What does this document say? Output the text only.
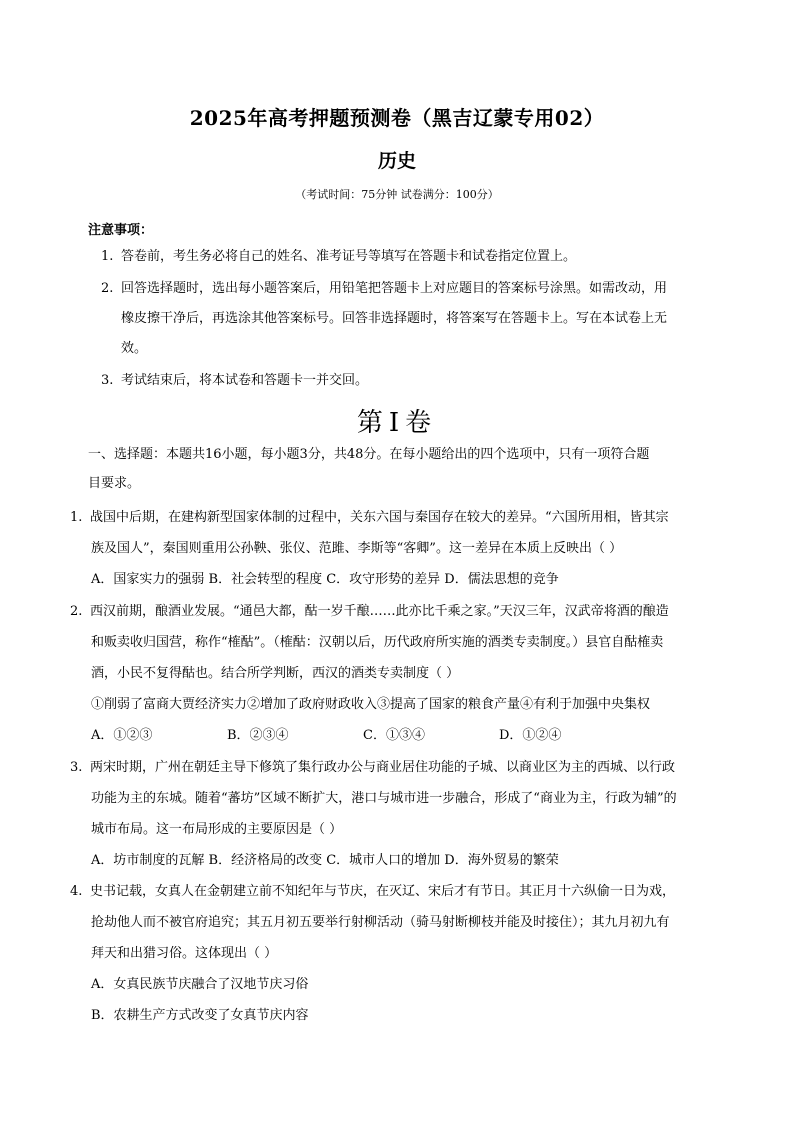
2025年高考押题预测卷（黑吉辽蒙专用02）
历史
（考试时间：75分钟 试卷满分：100分）
注意事项：
1. 答卷前，考生务必将自己的姓名、准考证号等填写在答题卡和试卷指定位置上。
2. 回答选择题时，选出每小题答案后，用铅笔把答题卡上对应题目的答案标号涂黑。如需改动，用
橡皮擦干净后，再选涂其他答案标号。回答非选择题时，将答案写在答题卡上。写在本试卷上无
效。
3. 考试结束后，将本试卷和答题卡一并交回。
第Ⅰ卷
一、选择题：本题共16小题，每小题3分，共48分。在每小题给出的四个选项中，只有一项符合题
目要求。
1. 战国中后期，在建构新型国家体制的过程中，关东六国与秦国存在较大的差异。“六国所用相，皆其宗
族及国人”，秦国则重用公孙鞅、张仪、范雎、李斯等“客卿”。这一差异在本质上反映出（ ）
A．国家实力的强弱 B．社会转型的程度 C．攻守形势的差异 D．儒法思想的竞争
2. 西汉前期，酿酒业发展。“通邑大都，酤一岁千酿……此亦比千乘之家。”天汉三年，汉武帝将酒的酿造
和贩卖收归国营，称作“榷酤”。（榷酤：汉朝以后，历代政府所实施的酒类专卖制度。）县官自酤榷卖
酒，小民不复得酤也。结合所学判断，西汉的酒类专卖制度（ ）
①削弱了富商大贾经济实力②增加了政府财政收入③提高了国家的粮食产量④有利于加强中央集权
A．①②③	B．②③④	C．①③④	D．①②④
3. 两宋时期，广州在朝廷主导下修筑了集行政办公与商业居住功能的子城、以商业区为主的西城、以行政
功能为主的东城。随着“蕃坊”区域不断扩大，港口与城市进一步融合，形成了“商业为主，行政为辅”的
城市布局。这一布局形成的主要原因是（ ）
A．坊市制度的瓦解 B．经济格局的改变 C．城市人口的增加 D．海外贸易的繁荣
4. 史书记载，女真人在金朝建立前不知纪年与节庆，在灭辽、宋后才有节日。其正月十六纵偷一日为戏，
抢劫他人而不被官府追究；其五月初五要举行射柳活动（骑马射断柳枝并能及时接住）；其九月初九有
拜天和出猎习俗。这体现出（ ）
A．女真民族节庆融合了汉地节庆习俗
B．农耕生产方式改变了女真节庆内容
